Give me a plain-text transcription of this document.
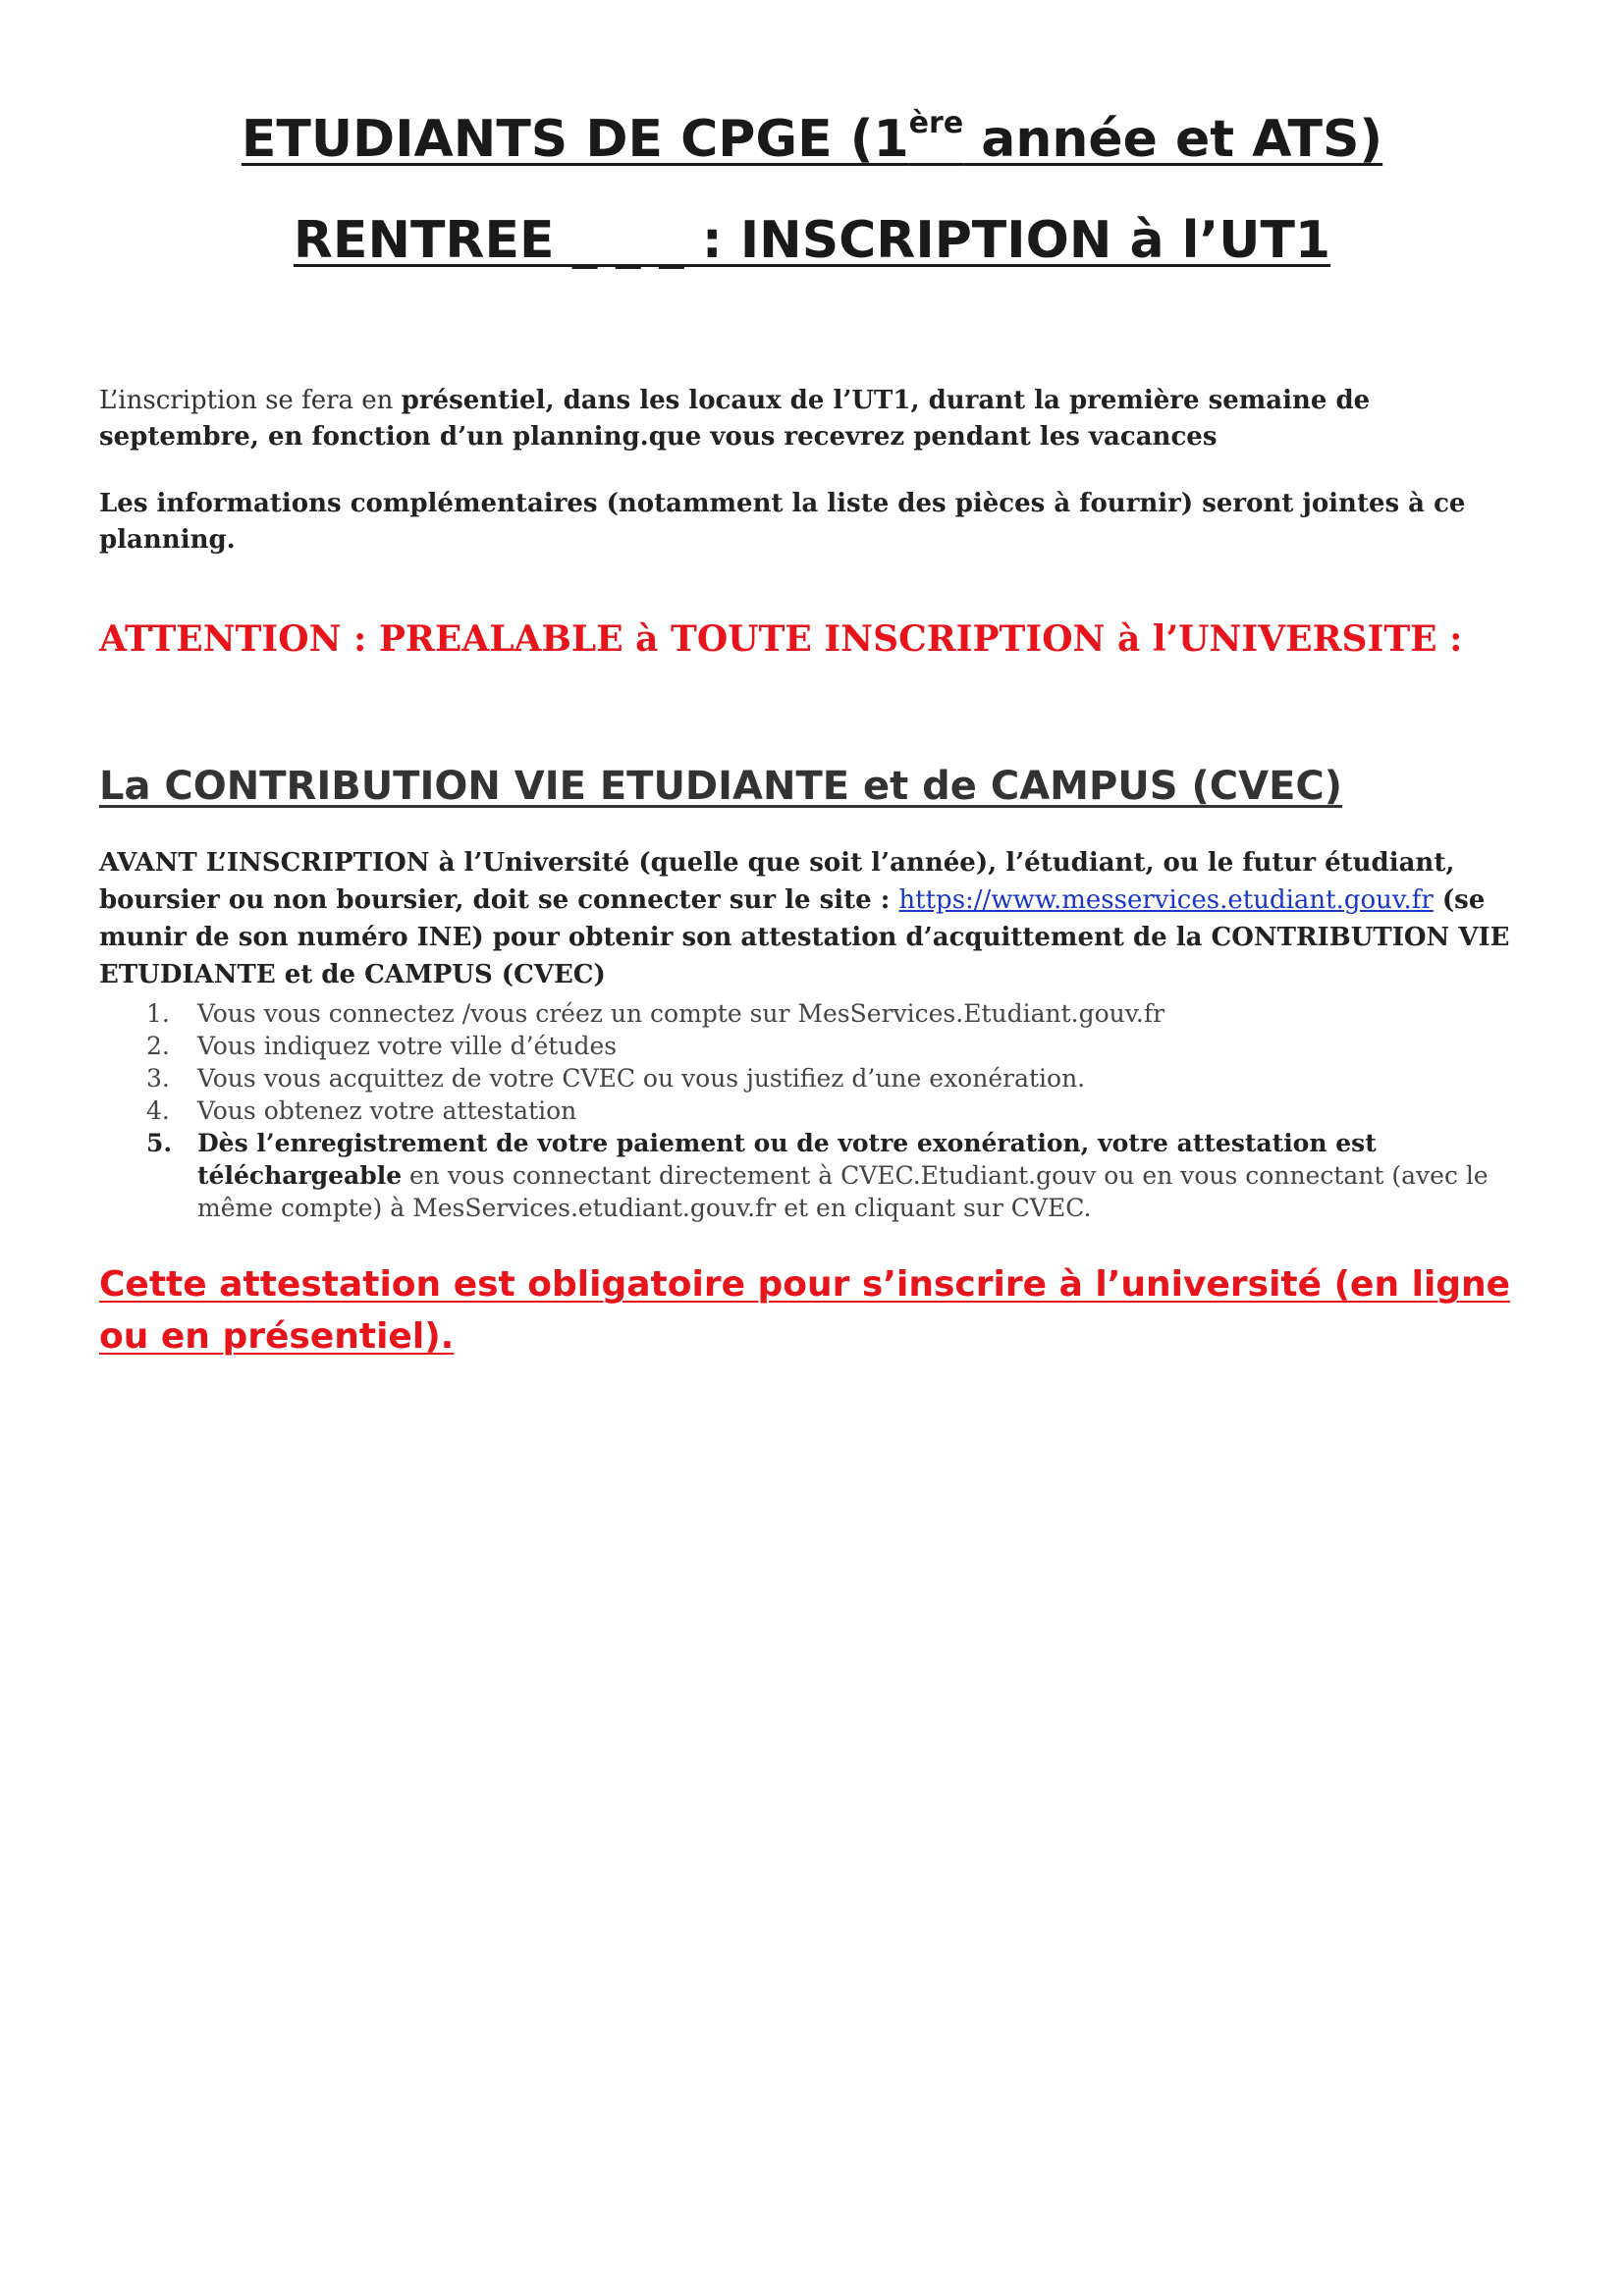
ETUDIANTS DE CPGE (1ère année et ATS)
RENTREE _ _ _ : INSCRIPTION à l’UT1
L’inscription se fera en présentiel, dans les locaux de l’UT1, durant la première semaine de septembre, en fonction d’un planning.que vous recevrez pendant les vacances
Les informations complémentaires (notamment la liste des pièces à fournir) seront jointes à ce planning.
ATTENTION : PREALABLE à TOUTE INSCRIPTION à l’UNIVERSITE :
La CONTRIBUTION VIE ETUDIANTE et de CAMPUS (CVEC)
AVANT L’INSCRIPTION à l’Université (quelle que soit l’année), l’étudiant, ou le futur étudiant, boursier ou non boursier, doit se connecter sur le site : https://www.messervices.etudiant.gouv.fr (se munir de son numéro INE) pour obtenir son attestation d’acquittement de la CONTRIBUTION VIE ETUDIANTE et de CAMPUS (CVEC)
1. Vous vous connectez /vous créez un compte sur MesServices.Etudiant.gouv.fr
2. Vous indiquez votre ville d’études
3. Vous vous acquittez de votre CVEC ou vous justifiez d’une exonération.
4. Vous obtenez votre attestation
5. Dès l’enregistrement de votre paiement ou de votre exonération, votre attestation est téléchargeable en vous connectant directement à CVEC.Etudiant.gouv ou en vous connectant (avec le même compte) à MesServices.etudiant.gouv.fr et en cliquant sur CVEC.
Cette attestation est obligatoire pour s’inscrire à l’université (en ligne ou en présentiel).
